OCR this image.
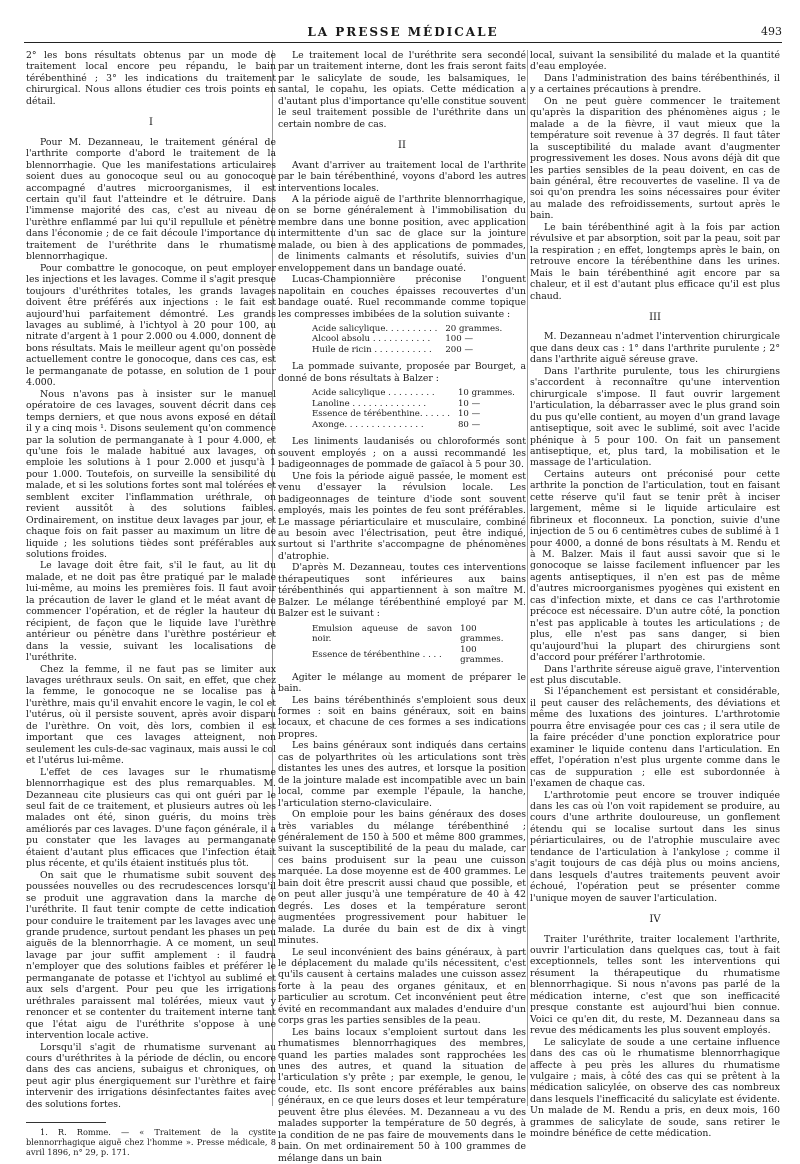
LA PRESSE MÉDICALE	493

2° les bons résultats obtenus par un mode de traitement local encore peu répandu, le bain térébenthiné ; 3° les indications du traitement chirurgical. Nous allons étudier ces trois points en détail.

I

Pour M. Dezanneau, le traitement général de l'arthrite comporte d'abord le traitement de la blennorrhagie. Que les manifestations articulaires soient dues au gonocoque seul ou au gonocoque accompagné d'autres microorganismes, il est certain qu'il faut l'atteindre et le détruire. Dans l'immense majorité des cas, c'est au niveau de l'urèthre enflammé par lui qu'il repullule et pénètre dans l'économie ; de ce fait découle l'importance du traitement de l'uréthrite dans le rhumatisme blennorrhagique.

Pour combattre le gonocoque, on peut employer les injections et les lavages. Comme il s'agit presque toujours d'uréthrites totales, les grands lavages doivent être préférés aux injections : le fait est aujourd'hui parfaitement démontré. Les grands lavages au sublimé, à l'ichtyol à 20 pour 100, au nitrate d'argent à 1 pour 2.000 ou 4.000, donnent de bons résultats. Mais le meilleur agent qu'on possède actuellement contre le gonocoque, dans ces cas, est le permanganate de potasse, en solution de 1 pour 4.000.

Nous n'avons pas à insister sur le manuel opératoire de ces lavages, souvent décrit dans ces temps derniers, et que nous avons exposé en détail il y a cinq mois ¹. Disons seulement qu'on commence par la solution de permanganate à 1 pour 4.000, et qu'une fois le malade habitué aux lavages, on emploie les solutions à 1 pour 2.000 et jusqu'à 1 pour 1.000. Toutefois, on surveille la sensibilité du malade, et si les solutions fortes sont mal tolérées et semblent exciter l'inflammation uréthrale, on revient aussitôt à des solutions faibles. Ordinairement, on institue deux lavages par jour, et chaque fois on fait passer au maximum un litre de liquide ; les solutions tièdes sont préférables aux solutions froides.

Le lavage doit être fait, s'il le faut, au lit du malade, et ne doit pas être pratiqué par le malade lui-même, au moins les premières fois. Il faut avoir la précaution de laver le gland et le méat avant de commencer l'opération, et de régler la hauteur du récipient, de façon que le liquide lave l'urèthre antérieur ou pénètre dans l'urèthre postérieur et dans la vessie, suivant les localisations de l'uréthrite.

Chez la femme, il ne faut pas se limiter aux lavages uréthraux seuls. On sait, en effet, que chez la femme, le gonocoque ne se localise pas à l'urèthre, mais qu'il envahit encore le vagin, le col et l'utérus, où il persiste souvent, après avoir disparu de l'urèthre. On voit, dès lors, combien il est important que ces lavages atteignent, non seulement les culs-de-sac vaginaux, mais aussi le col et l'utérus lui-même.

L'effet de ces lavages sur le rhumatisme blennorrhagique est des plus remarquables. M. Dezanneau cite plusieurs cas qui ont guéri par le seul fait de ce traitement, et plusieurs autres où les malades ont été, sinon guéris, du moins très améliorés par ces lavages. D'une façon générale, il a pu constater que les lavages au permanganate étaient d'autant plus efficaces que l'infection était plus récente, et qu'ils étaient institués plus tôt.

On sait que le rhumatisme subit souvent des poussées nouvelles ou des recrudescences lorsqu'il se produit une aggravation dans la marche de l'uréthrite. Il faut tenir compte de cette indication pour conduire le traitement par les lavages avec une grande prudence, surtout pendant les phases un peu aiguës de la blennorrhagie. A ce moment, un seul lavage par jour suffit amplement : il faudra n'employer que des solutions faibles et préférer le permanganate de potasse et l'ichtyol au sublimé et aux sels d'argent. Pour peu que les irrigations uréthrales paraissent mal tolérées, mieux vaut y renoncer et se contenter du traitement interne tant que l'état aigu de l'uréthrite s'oppose à une intervention locale active.

Lorsqu'il s'agit de rhumatisme survenant au cours d'uréthrites à la période de déclin, ou encore dans des cas anciens, subaigus et chroniques, on peut agir plus énergiquement sur l'urèthre et faire intervenir des irrigations désinfectantes faites avec des solutions fortes.

1. R. Romme. — « Traitement de la cystite blennorrhagique aiguë chez l'homme ». Presse médicale, 8 avril 1896, n° 29, p. 171.

Le traitement local de l'uréthrite sera secondé par un traitement interne, dont les frais seront faits par le salicylate de soude, les balsamiques, le santal, le copahu, les opiats. Cette médication a d'autant plus d'importance qu'elle constitue souvent le seul traitement possible de l'uréthrite dans un certain nombre de cas.

II

Avant d'arriver au traitement local de l'arthrite par le bain térébenthiné, voyons d'abord les autres interventions locales.

A la période aiguë de l'arthrite blennorrhagique, on se borne généralement à l'immobilisation du membre dans une bonne position, avec application intermittente d'un sac de glace sur la jointure malade, ou bien à des applications de pommades, de liniments calmants et résolutifs, suivies d'un enveloppement dans un bandage ouaté.

Lucas-Championnière préconise l'onguent napolitain en couches épaisses recouvertes d'un bandage ouaté. Ruel recommande comme topique les compresses imbibées de la solution suivante :

Acide salicylique. . . . . . . . . .	20 grammes.
Alcool absolu . . . . . . . . . . .	100 —
Huile de ricin . . . . . . . . . . .	200 —

La pommade suivante, proposée par Bourget, a donné de bons résultats à Balzer :

Acide salicylique . . . . . . . . .	10 grammes.
Lanoline . . . . . . . . . . . . . .	10 —
Essence de térébenthine. . . . . .	10 —
Axonge. . . . . . . . . . . . . . .	80 —

Les liniments laudanisés ou chloroformés sont souvent employés ; on a aussi recommandé les badigeonnages de pommade de gaïacol à 5 pour 30.

Une fois la période aiguë passée, le moment est venu d'essayer la révulsion locale. Les badigeonnages de teinture d'iode sont souvent employés, mais les pointes de feu sont préférables. Le massage périarticulaire et musculaire, combiné au besoin avec l'électrisation, peut être indiqué, surtout si l'arthrite s'accompagne de phénomènes d'atrophie.

D'après M. Dezanneau, toutes ces interventions thérapeutiques sont inférieures aux bains térébenthinés qui appartiennent à son maître M. Balzer. Le mélange térébenthiné employé par M. Balzer est le suivant :

Emulsion aqueuse de savon noir.	100 grammes.
Essence de térébenthine . . . .	100 grammes.

Agiter le mélange au moment de préparer le bain.

Les bains térébenthinés s'emploient sous deux formes : soit en bains généraux, soit en bains locaux, et chacune de ces formes a ses indications propres.

Les bains généraux sont indiqués dans certains cas de polyarthrites où les articulations sont très distantes les unes des autres, et lorsque la position de la jointure malade est incompatible avec un bain local, comme par exemple l'épaule, la hanche, l'articulation sterno-claviculaire.

On emploie pour les bains généraux des doses très variables du mélange térébenthiné ; généralement de 150 à 500 et même 800 grammes, suivant la susceptibilité de la peau du malade, car ces bains produisent sur la peau une cuisson marquée. La dose moyenne est de 400 grammes. Le bain doit être prescrit aussi chaud que possible, et on peut aller jusqu'à une température de 40 à 42 degrés. Les doses et la température seront augmentées progressivement pour habituer le malade. La durée du bain est de dix à vingt minutes.

Le seul inconvénient des bains généraux, à part le déplacement du malade qu'ils nécessitent, c'est qu'ils causent à certains malades une cuisson assez forte à la peau des organes génitaux, et en particulier au scrotum. Cet inconvénient peut être évité en recommandant aux malades d'enduire d'un corps gras les parties sensibles de la peau.

Les bains locaux s'emploient surtout dans les rhumatismes blennorrhagiques des membres, quand les parties malades sont rapprochées les unes des autres, et quand la situation de l'articulation s'y prête ; par exemple, le genou, le coude, etc. Ils sont encore préférables aux bains généraux, en ce que leurs doses et leur température peuvent être plus élevées. M. Dezanneau a vu des malades supporter la température de 50 degrés, à la condition de ne pas faire de mouvements dans le bain. On met ordinairement 50 à 100 grammes de mélange dans un bain

local, suivant la sensibilité du malade et la quantité d'eau employée.

Dans l'administration des bains térébenthinés, il y a certaines précautions à prendre.

On ne peut guère commencer le traitement qu'après la disparition des phénomènes aigus ; le malade a de la fièvre, il vaut mieux que la température soit revenue à 37 degrés. Il faut tâter la susceptibilité du malade avant d'augmenter progressivement les doses. Nous avons déjà dit que les parties sensibles de la peau doivent, en cas de bain général, être recouvertes de vaseline. Il va de soi qu'on prendra les soins nécessaires pour éviter au malade des refroidissements, surtout après le bain.

Le bain térébenthiné agit à la fois par action révulsive et par absorption, soit par la peau, soit par la respiration ; en effet, longtemps après le bain, on retrouve encore la térébenthine dans les urines. Mais le bain térébenthiné agit encore par sa chaleur, et il est d'autant plus efficace qu'il est plus chaud.

III

M. Dezanneau n'admet l'intervention chirurgicale que dans deux cas : 1° dans l'arthrite purulente ; 2° dans l'arthrite aiguë séreuse grave.

Dans l'arthrite purulente, tous les chirurgiens s'accordent à reconnaître qu'une intervention chirurgicale s'impose. Il faut ouvrir largement l'articulation, la débarrasser avec le plus grand soin du pus qu'elle contient, au moyen d'un grand lavage antiseptique, soit avec le sublimé, soit avec l'acide phénique à 5 pour 100. On fait un pansement antiseptique, et, plus tard, la mobilisation et le massage de l'articulation.

Certains auteurs ont préconisé pour cette arthrite la ponction de l'articulation, tout en faisant cette réserve qu'il faut se tenir prêt à inciser largement, même si le liquide articulaire est fibrineux et floconneux. La ponction, suivie d'une injection de 5 ou 6 centimètres cubes de sublimé à 1 pour 4000, a donné de bons résultats à M. Rendu et à M. Balzer. Mais il faut aussi savoir que si le gonocoque se laisse facilement influencer par les agents antiseptiques, il n'en est pas de même d'autres microorganismes pyogènes qui existent en cas d'infection mixte, et dans ce cas l'arthrotomie précoce est nécessaire. D'un autre côté, la ponction n'est pas applicable à toutes les articulations ; de plus, elle n'est pas sans danger, si bien qu'aujourd'hui la plupart des chirurgiens sont d'accord pour préférer l'arthrotomie.

Dans l'arthrite séreuse aiguë grave, l'intervention est plus discutable.

Si l'épanchement est persistant et considérable, il peut causer des relâchements, des déviations et même des luxations des jointures. L'arthrotomie pourra être envisagée pour ces cas ; il sera utile de la faire précéder d'une ponction exploratrice pour examiner le liquide contenu dans l'articulation. En effet, l'opération n'est plus urgente comme dans le cas de suppuration ; elle est subordonnée à l'examen de chaque cas.

L'arthrotomie peut encore se trouver indiquée dans les cas où l'on voit rapidement se produire, au cours d'une arthrite douloureuse, un gonflement étendu qui se localise surtout dans les sinus périarticulaires, ou de l'atrophie musculaire avec tendance de l'articulation à l'ankylose ; comme il s'agit toujours de cas déjà plus ou moins anciens, dans lesquels d'autres traitements peuvent avoir échoué, l'opération peut se présenter comme l'unique moyen de sauver l'articulation.

IV

Traiter l'uréthrite, traiter localement l'arthrite, ouvrir l'articulation dans quelques cas, tout à fait exceptionnels, telles sont les interventions qui résument la thérapeutique du rhumatisme blennorrhagique. Si nous n'avons pas parlé de la médication interne, c'est que son inefficacité presque constante est aujourd'hui bien connue. Voici ce qu'en dit, du reste, M. Dezanneau dans sa revue des médicaments les plus souvent employés.

Le salicylate de soude a une certaine influence dans des cas où le rhumatisme blennorrhagique affecte à peu près les allures du rhumatisme vulgaire ; mais, à côté des cas qui se prêtent à la médication salicylée, on observe des cas nombreux dans lesquels l'inefficacité du salicylate est évidente. Un malade de M. Rendu a pris, en deux mois, 160 grammes de salicylate de soude, sans retirer le moindre bénéfice de cette médication.
